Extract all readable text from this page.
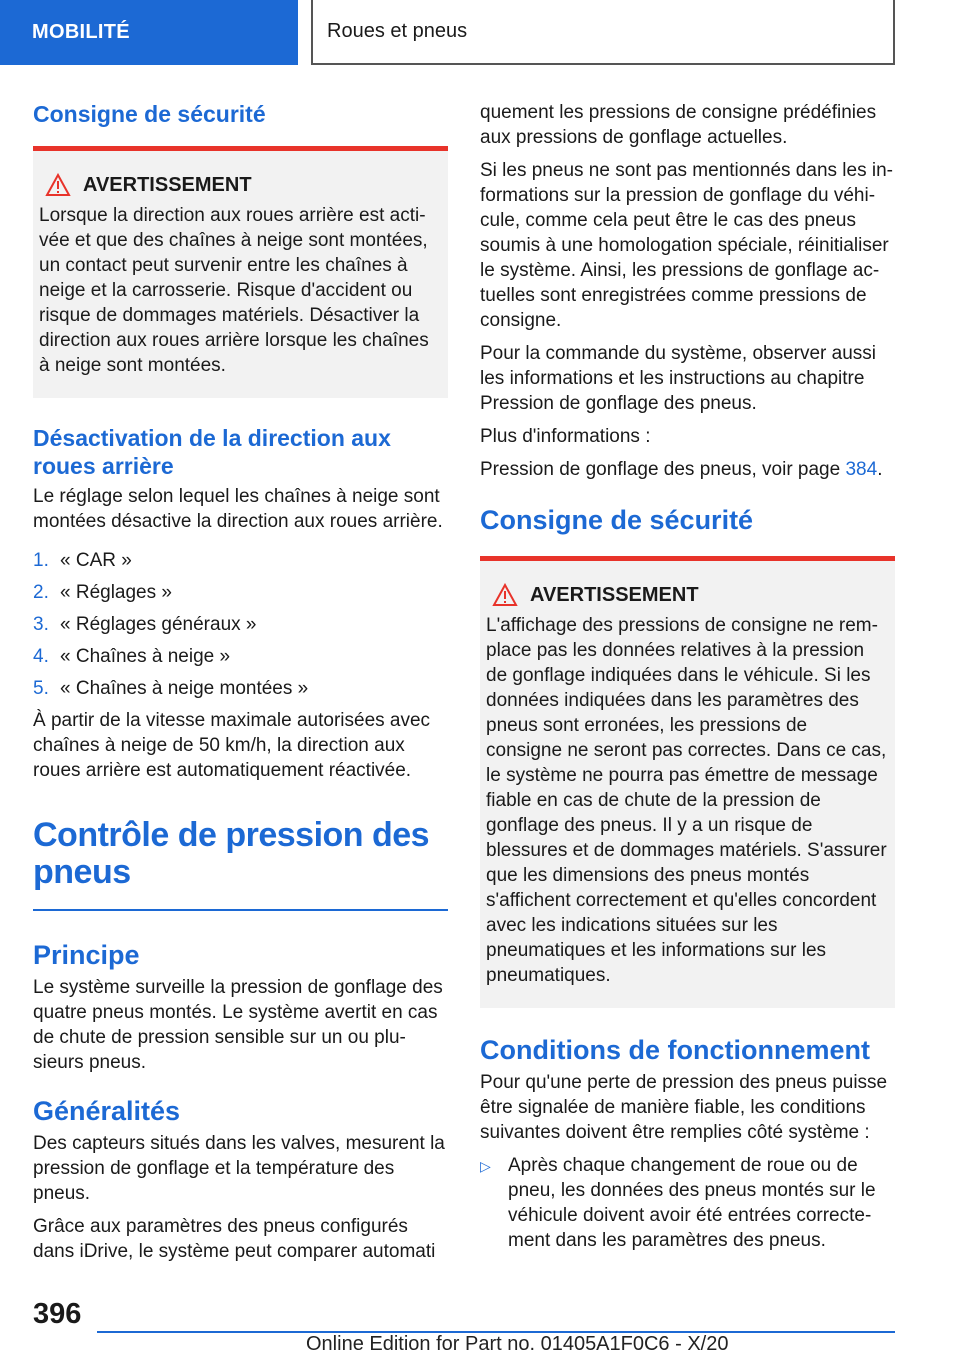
MOBILITÉ	Roues et pneus
Consigne de sécurité
AVERTISSEMENT

Lorsque la direction aux roues arrière est activée et que des chaînes à neige sont montées, un contact peut survenir entre les chaînes à neige et la carrosserie. Risque d'accident ou risque de dommages matériels. Désactiver la direction aux roues arrière lorsque les chaînes à neige sont montées.

Désactivation de la direction aux roues arrière

Le réglage selon lequel les chaînes à neige sont montées désactive la direction aux roues arrière.

1. « CAR »
2. « Réglages »
3. « Réglages généraux »
4. « Chaînes à neige »
5. « Chaînes à neige montées »

À partir de la vitesse maximale autorisées avec chaînes à neige de 50 km/h, la direction aux roues arrière est automatiquement réactivée.

Contrôle de pression des pneus
Principe

Le système surveille la pression de gonflage des quatre pneus montés. Le système avertit en cas de chute de pression sensible sur un ou plusieurs pneus.

Généralités

Des capteurs situés dans les valves, mesurent la pression de gonflage et la température des pneus.

Grâce aux paramètres des pneus configurés dans iDrive, le système peut comparer automati

quement les pressions de consigne prédéfinies aux pressions de gonflage actuelles.

Si les pneus ne sont pas mentionnés dans les informations sur la pression de gonflage du véhicule, comme cela peut être le cas des pneus soumis à une homologation spéciale, réinitialiser le système. Ainsi, les pressions de gonflage actuelles sont enregistrées comme pressions de consigne.

Pour la commande du système, observer aussi les informations et les instructions au chapitre Pression de gonflage des pneus.

Plus d'informations :

Pression de gonflage des pneus, voir page 384.

Consigne de sécurité
AVERTISSEMENT

L'affichage des pressions de consigne ne remplace pas les données relatives à la pression de gonflage indiquées dans le véhicule. Si les données indiquées dans les paramètres des pneus sont erronées, les pressions de consigne ne seront pas correctes. Dans ce cas, le système ne pourra pas émettre de message fiable en cas de chute de la pression de gonflage des pneus. Il y a un risque de blessures et de dommages matériels. S'assurer que les dimensions des pneus montés s'affichent correctement et qu'elles concordent avec les indications situées sur les pneumatiques et les informations sur les pneumatiques.

Conditions de fonctionnement

Pour qu'une perte de pression des pneus puisse être signalée de manière fiable, les conditions suivantes doivent être remplies côté système :

▷ Après chaque changement de roue ou de pneu, les données des pneus montés sur le véhicule doivent avoir été entrées correctement dans les paramètres des pneus.
396
Online Edition for Part no. 01405A1F0C6 - X/20
